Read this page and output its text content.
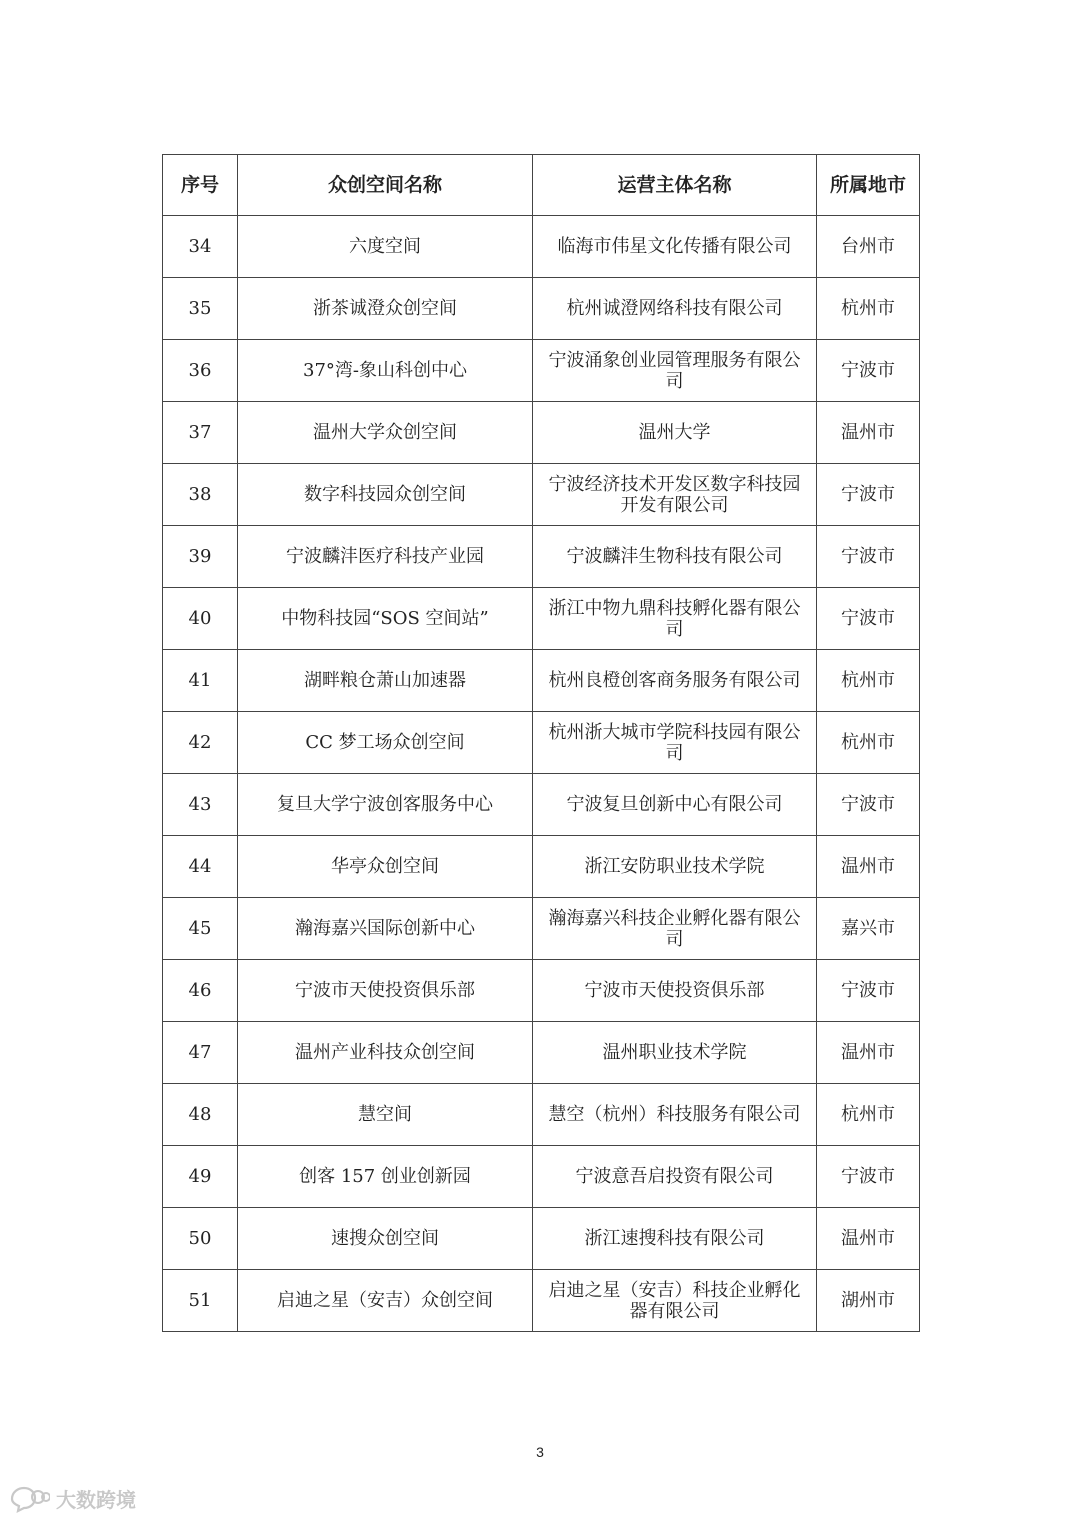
序号	众创空间名称	运营主体名称	所属地市
34	六度空间	临海市伟星文化传播有限公司	台州市
35	浙茶诚澄众创空间	杭州诚澄网络科技有限公司	杭州市
36	37°湾-象山科创中心	宁波涌象创业园管理服务有限公司	宁波市
37	温州大学众创空间	温州大学	温州市
38	数字科技园众创空间	宁波经济技术开发区数字科技园开发有限公司	宁波市
39	宁波麟沣医疗科技产业园	宁波麟沣生物科技有限公司	宁波市
40	中物科技园“SOS 空间站”	浙江中物九鼎科技孵化器有限公司	宁波市
41	湖畔粮仓萧山加速器	杭州良橙创客商务服务有限公司	杭州市
42	CC 梦工场众创空间	杭州浙大城市学院科技园有限公司	杭州市
43	复旦大学宁波创客服务中心	宁波复旦创新中心有限公司	宁波市
44	华亭众创空间	浙江安防职业技术学院	温州市
45	瀚海嘉兴国际创新中心	瀚海嘉兴科技企业孵化器有限公司	嘉兴市
46	宁波市天使投资俱乐部	宁波市天使投资俱乐部	宁波市
47	温州产业科技众创空间	温州职业技术学院	温州市
48	慧空间	慧空（杭州）科技服务有限公司	杭州市
49	创客 157 创业创新园	宁波意吾启投资有限公司	宁波市
50	速搜众创空间	浙江速搜科技有限公司	温州市
51	启迪之星（安吉）众创空间	启迪之星（安吉）科技企业孵化器有限公司	湖州市
3
大数跨境
